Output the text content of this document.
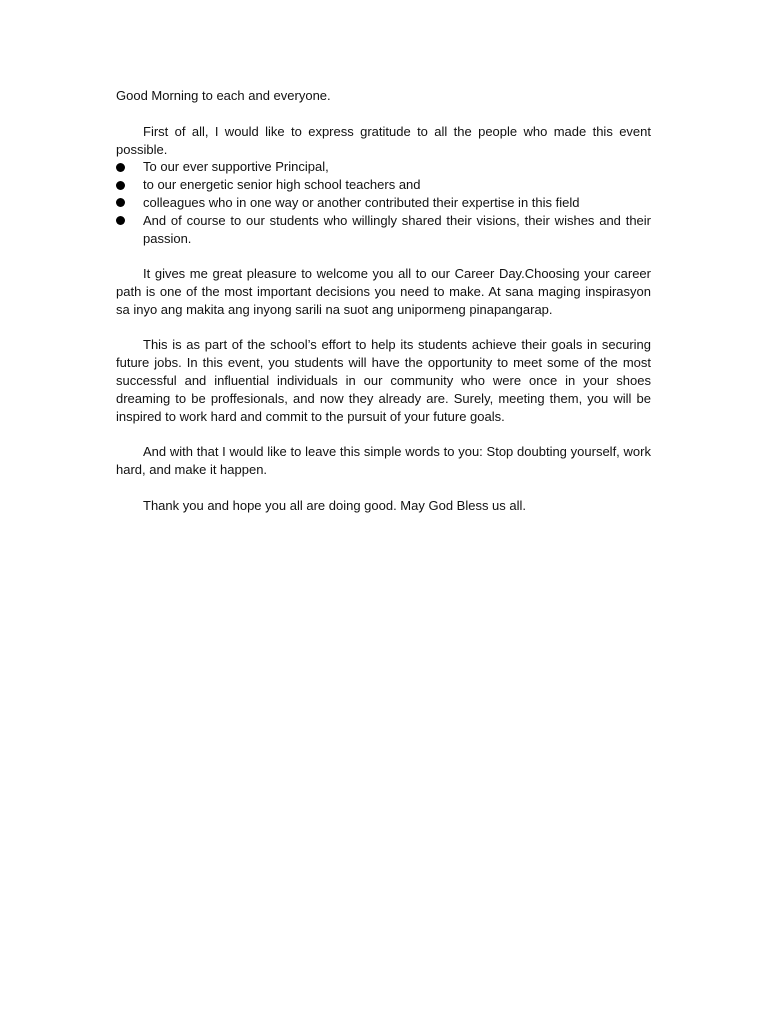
Good Morning to each and everyone.

First of all, I would like to express gratitude to all the people who made this event possible.

To our ever supportive Principal,
to our energetic senior high school teachers and
colleagues who in one way or another contributed their expertise in this field
And of course to our students who willingly shared their visions, their wishes and their passion.

It gives me great pleasure to welcome you all to our Career Day.Choosing your career path is one of the most important decisions you need to make. At sana maging inspirasyon sa inyo ang makita ang inyong sarili na suot ang unipormeng pinapangarap.

This is as part of the school’s effort to help its students achieve their goals in securing future jobs. In this event, you students will have the opportunity to meet some of the most successful and influential individuals in our community who were once in your shoes dreaming to be proffesionals, and now they already are. Surely, meeting them, you will be inspired to work hard and commit to the pursuit of your future goals.

And with that I would like to leave this simple words to you: Stop doubting yourself, work hard, and make it happen.

Thank you and hope you all are doing good. May God Bless us all.
